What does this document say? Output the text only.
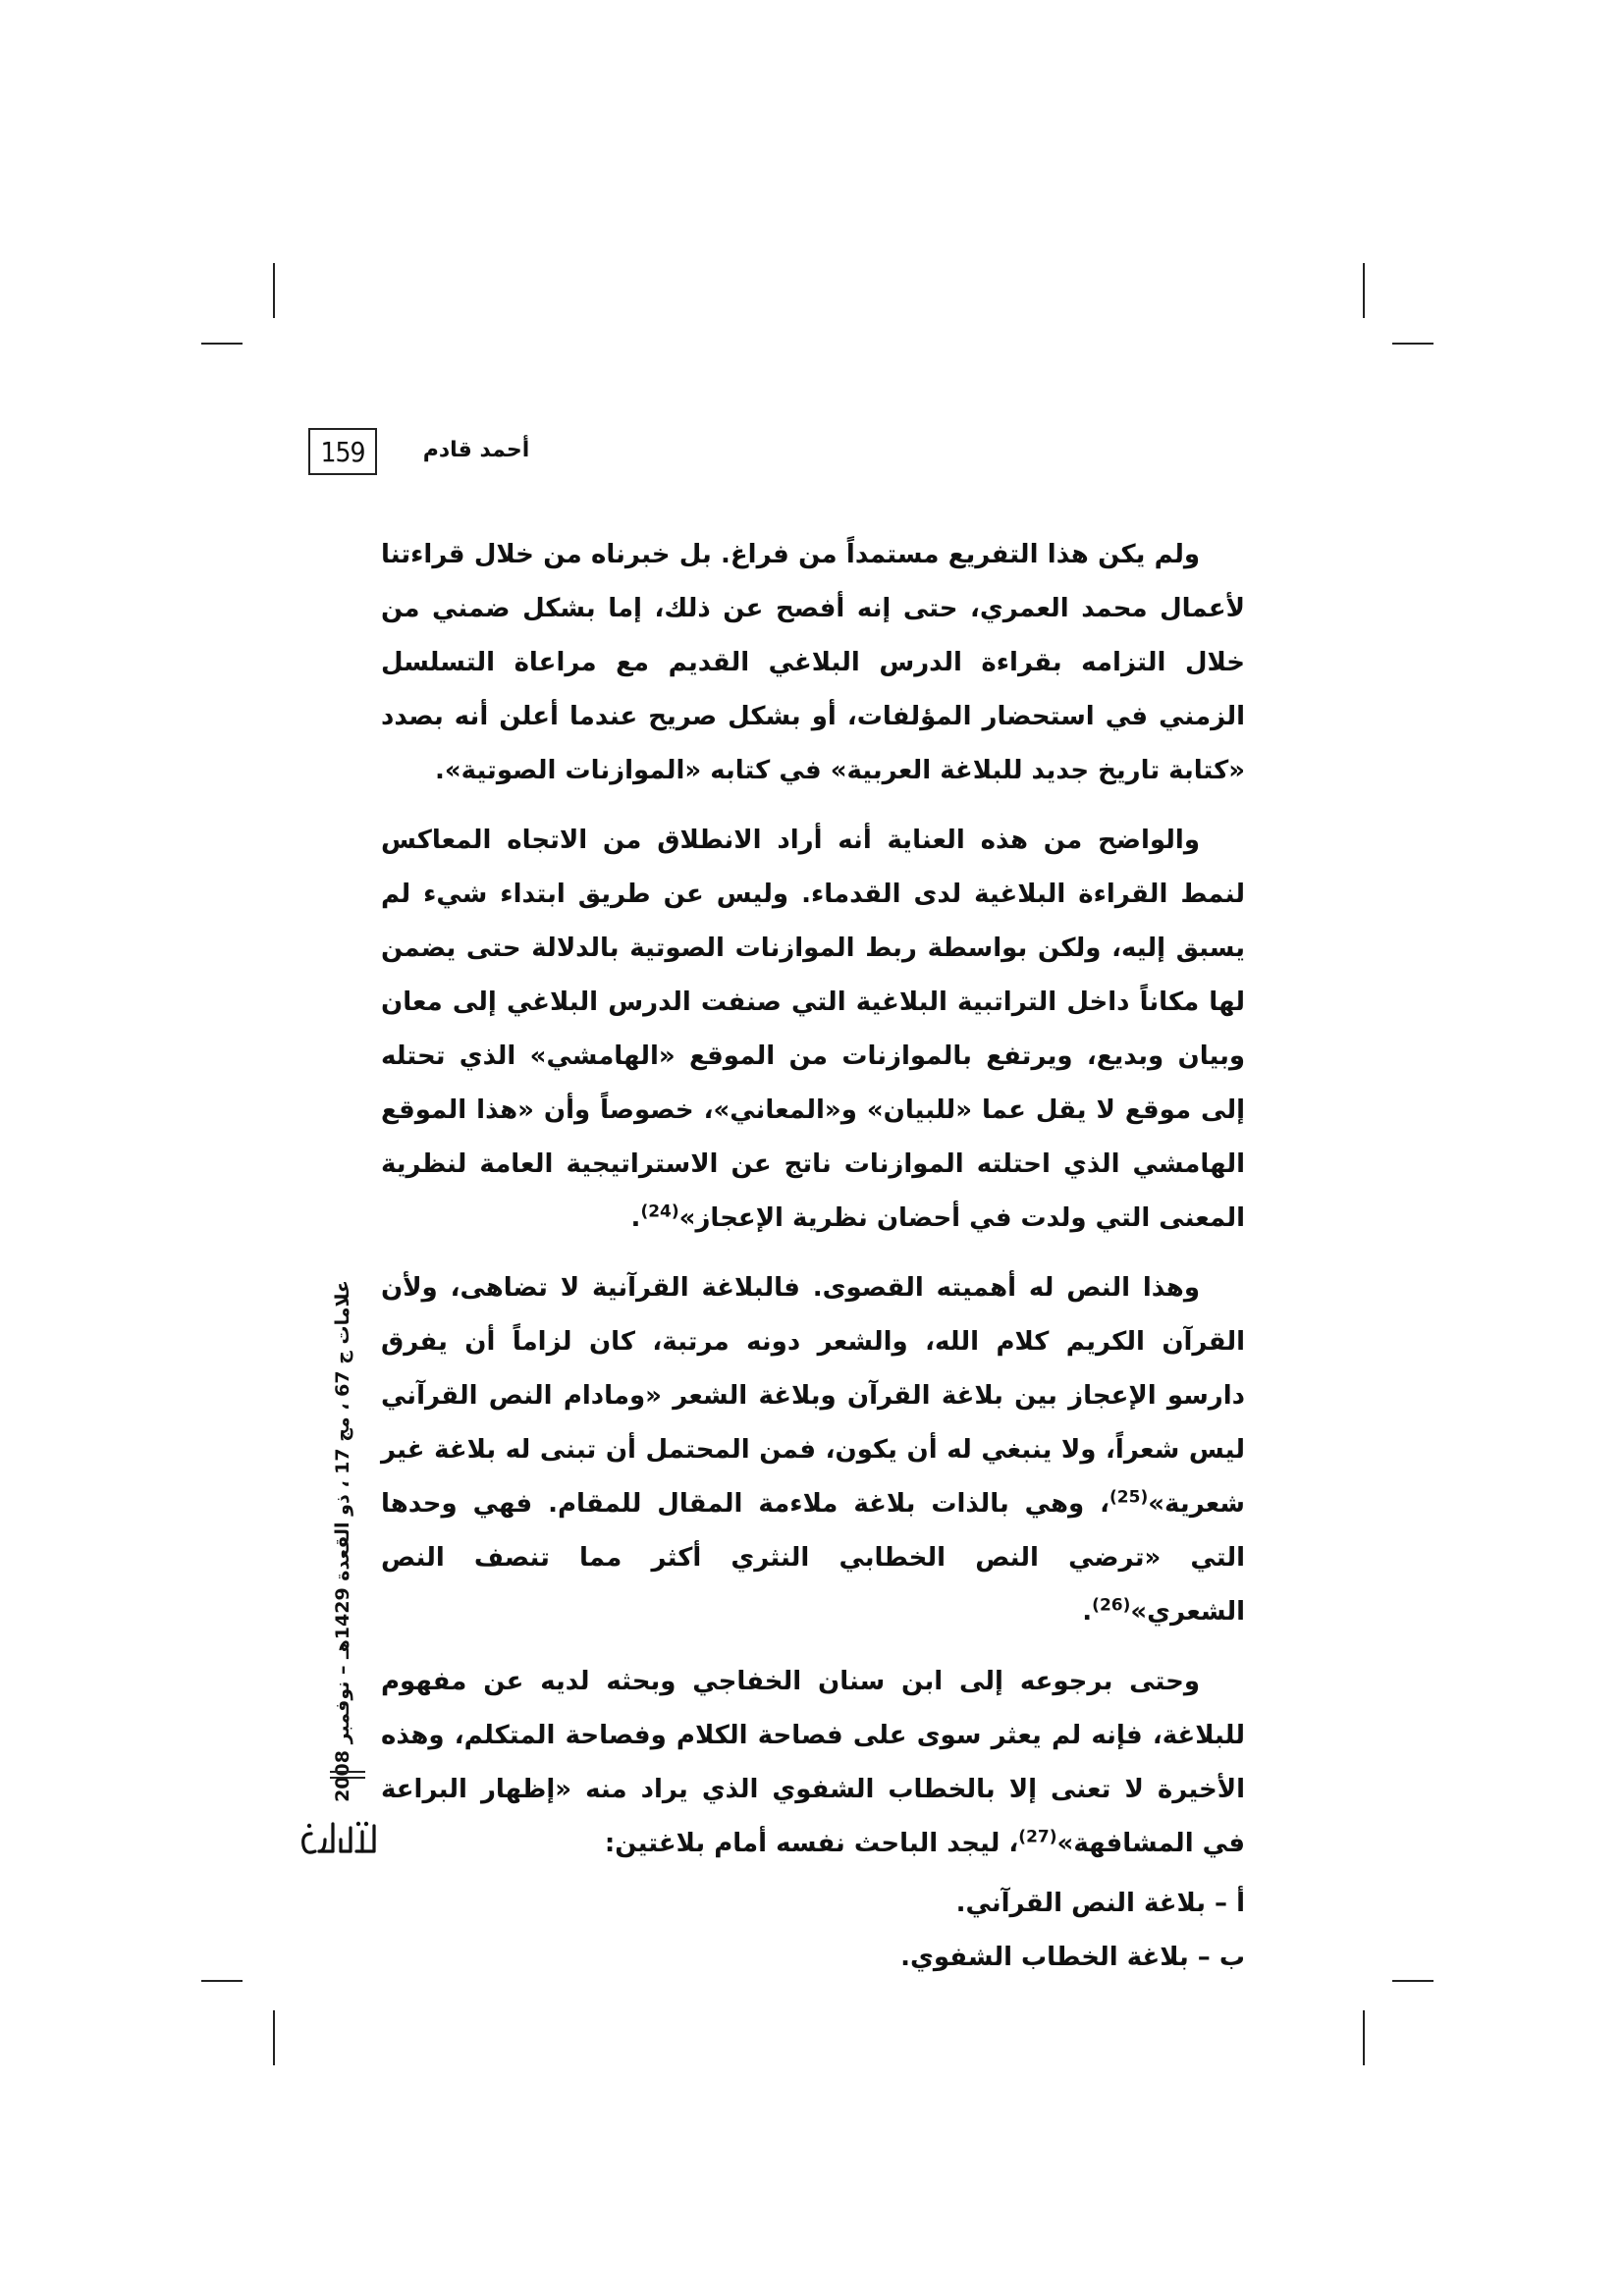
159	أحمد قادم

ولم يكن هذا التفريع مستمداً من فراغ. بل خبرناه من خلال قراءتنا لأعمال محمد العمري، حتى إنه أفصح عن ذلك، إما بشكل ضمني من خلال التزامه بقراءة الدرس البلاغي القديم مع مراعاة التسلسل الزمني في استحضار المؤلفات، أو بشكل صريح عندما أعلن أنه بصدد «كتابة تاريخ جديد للبلاغة العربية» في كتابه «الموازنات الصوتية».

والواضح من هذه العناية أنه أراد الانطلاق من الاتجاه المعاكس لنمط القراءة البلاغية لدى القدماء. وليس عن طريق ابتداء شيء لم يسبق إليه، ولكن بواسطة ربط الموازنات الصوتية بالدلالة حتى يضمن لها مكاناً داخل التراتبية البلاغية التي صنفت الدرس البلاغي إلى معان وبيان وبديع، ويرتفع بالموازنات من الموقع «الهامشي» الذي تحتله إلى موقع لا يقل عما «للبيان» و«المعاني»، خصوصاً وأن «هذا الموقع الهامشي الذي احتلته الموازنات ناتج عن الاستراتيجية العامة لنظرية المعنى التي ولدت في أحضان نظرية الإعجاز»$^{(24)}$.

وهذا النص له أهميته القصوى. فالبلاغة القرآنية لا تضاهى، ولأن القرآن الكريم كلام الله، والشعر دونه مرتبة، كان لزاماً أن يفرق دارسو الإعجاز بين بلاغة القرآن وبلاغة الشعر «ومادام النص القرآني ليس شعراً، ولا ينبغي له أن يكون، فمن المحتمل أن تبنى له بلاغة غير شعرية»$^{(25)}$، وهي بالذات بلاغة ملاءمة المقال للمقام. فهي وحدها التي «ترضي النص الخطابي النثري أكثر مما تنصف النص الشعري»$^{(26)}$.

وحتى برجوعه إلى ابن سنان الخفاجي وبحثه لديه عن مفهوم للبلاغة، فإنه لم يعثر سوى على فصاحة الكلام وفصاحة المتكلم، وهذه الأخيرة لا تعنى إلا بالخطاب الشفوي الذي يراد منه «إظهار البراعة في المشافهة»$^{(27)}$، ليجد الباحث نفسه أمام بلاغتين:

أ – بلاغة النص القرآني.

ب – بلاغة الخطاب الشفوي.

علامات ج 67 ، مج 17 ، ذو القعدة 1429هـ – نوفمبر 2008
